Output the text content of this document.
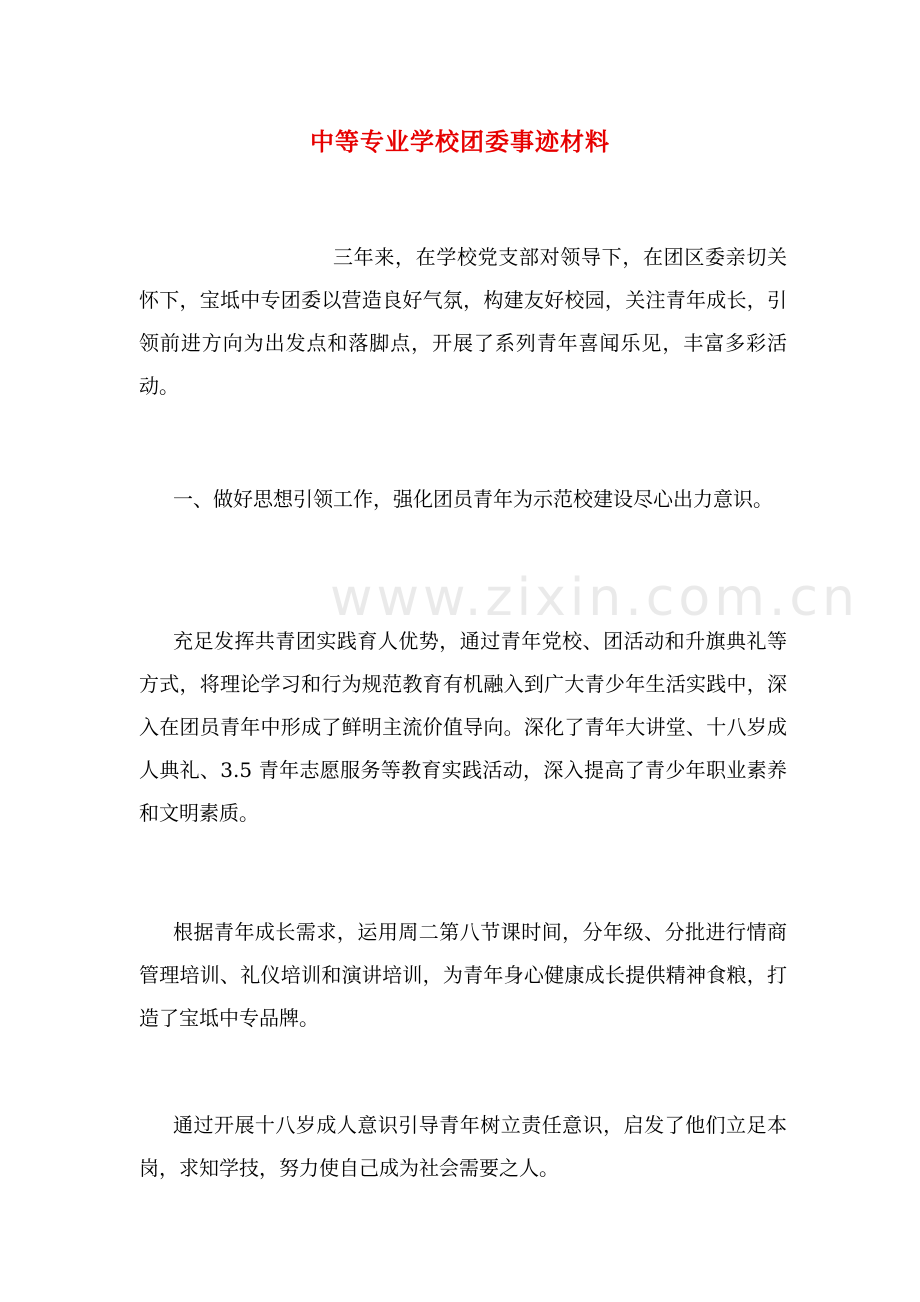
中等专业学校团委事迹材料
www.zixin.com.cn

三年来，在学校党支部对领导下，在团区委亲切关怀下，宝坻中专团委以营造良好气氛，构建友好校园，关注青年成长，引领前进方向为出发点和落脚点，开展了系列青年喜闻乐见，丰富多彩活动。

一、做好思想引领工作，强化团员青年为示范校建设尽心出力意识。

充足发挥共青团实践育人优势，通过青年党校、团活动和升旗典礼等方式，将理论学习和行为规范教育有机融入到广大青少年生活实践中，深入在团员青年中形成了鲜明主流价值导向。深化了青年大讲堂、十八岁成人典礼、3.5 青年志愿服务等教育实践活动，深入提高了青少年职业素养和文明素质。

根据青年成长需求，运用周二第八节课时间，分年级、分批进行情商管理培训、礼仪培训和演讲培训，为青年身心健康成长提供精神食粮，打造了宝坻中专品牌。

通过开展十八岁成人意识引导青年树立责任意识，启发了他们立足本岗，求知学技，努力使自己成为社会需要之人。
